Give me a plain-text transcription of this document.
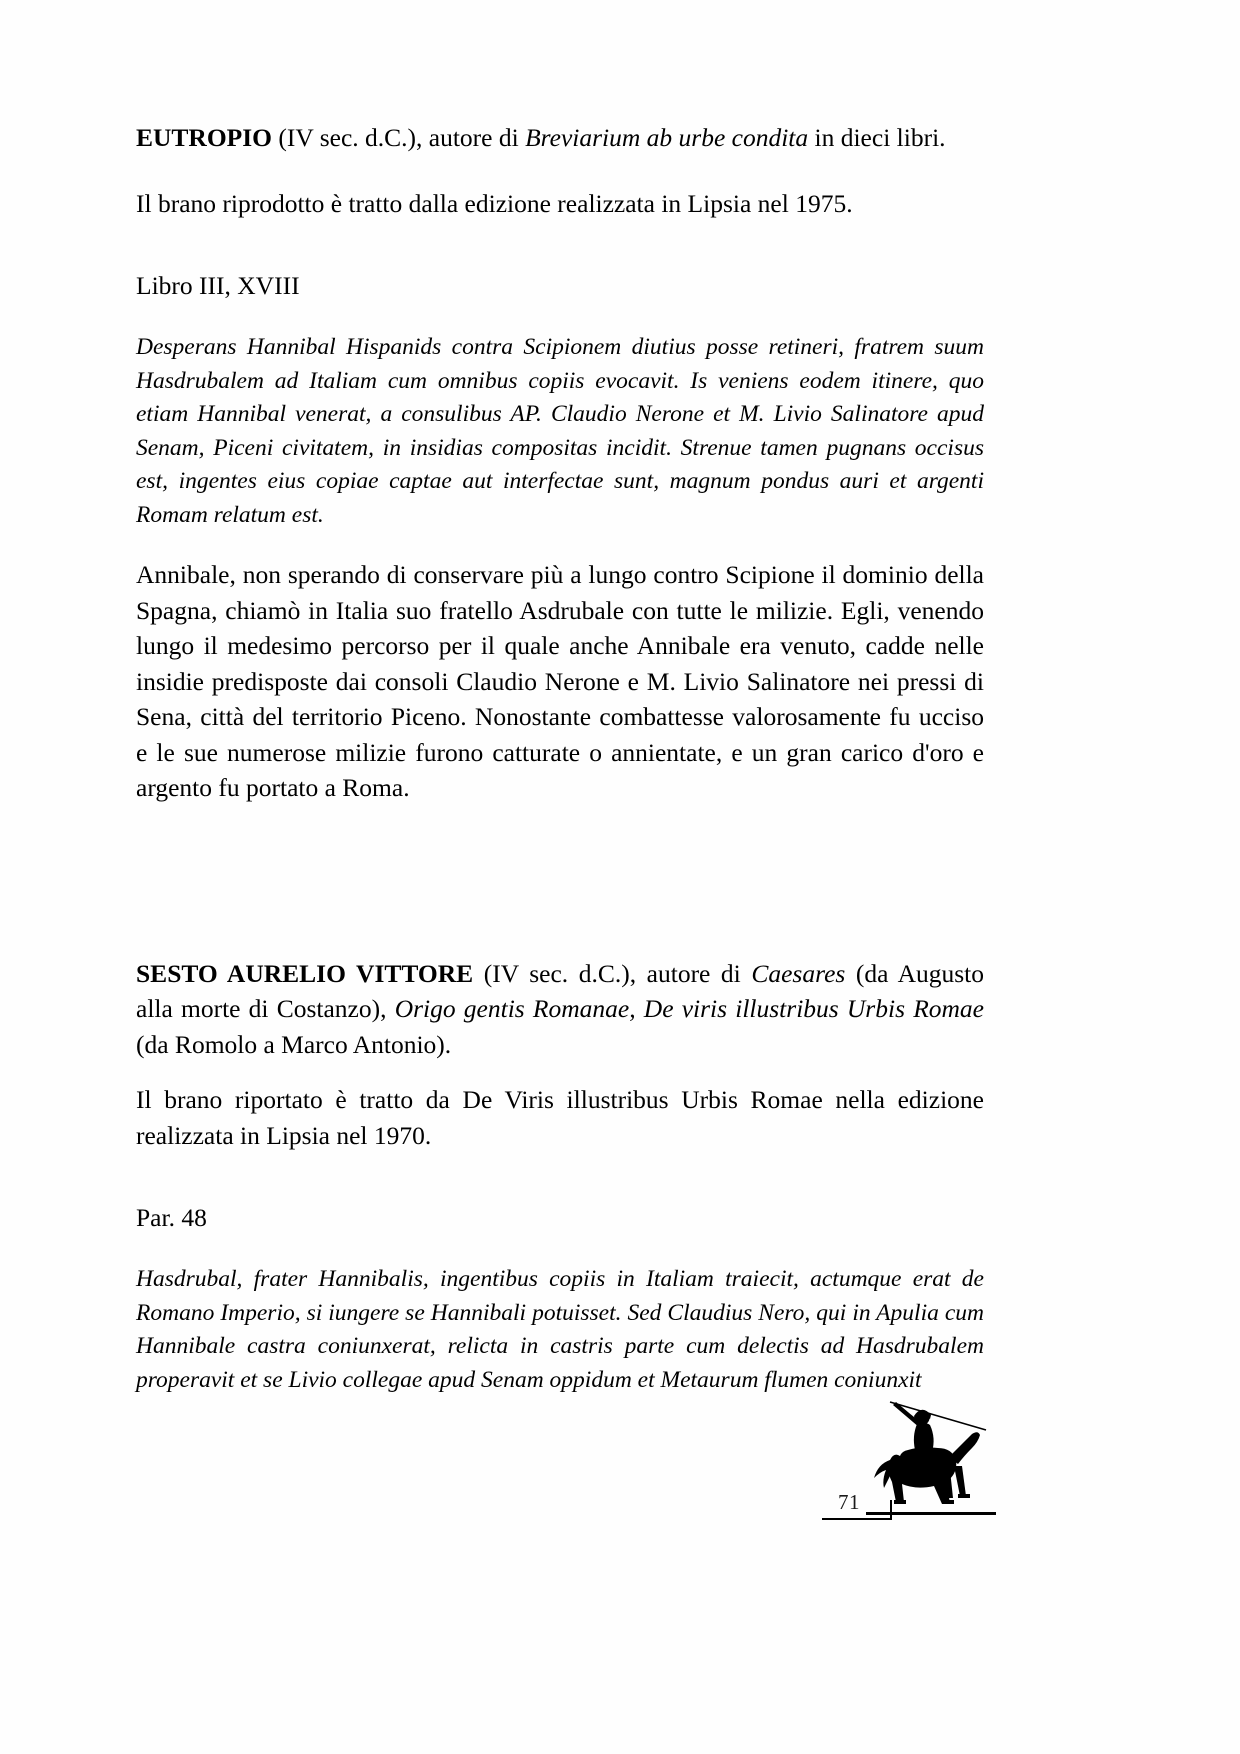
EUTROPIO (IV sec. d.C.), autore di Breviarium ab urbe condita in dieci libri.

Il brano riprodotto è tratto dalla edizione realizzata in Lipsia nel 1975.

Libro III, XVIII

Desperans Hannibal Hispanids contra Scipionem diutius posse retineri, fratrem suum Hasdrubalem ad Italiam cum omnibus copiis evocavit. Is veniens eodem itinere, quo etiam Hannibal venerat, a consulibus AP. Claudio Nerone et M. Livio Salinatore apud Senam, Piceni civitatem, in insidias compositas incidit. Strenue tamen pugnans occisus est, ingentes eius copiae captae aut interfectae sunt, magnum pondus auri et argenti Romam relatum est.

Annibale, non sperando di conservare più a lungo contro Scipione il dominio della Spagna, chiamò in Italia suo fratello Asdrubale con tutte le milizie. Egli, venendo lungo il medesimo percorso per il quale anche Annibale era venuto, cadde nelle insidie predisposte dai consoli Claudio Nerone e M. Livio Salinatore nei pressi di Sena, città del territorio Piceno. Nonostante combattesse valorosamente fu ucciso e le sue numerose milizie furono catturate o annientate, e un gran carico d'oro e argento fu portato a Roma.

SESTO AURELIO VITTORE (IV sec. d.C.), autore di Caesares (da Augusto alla morte di Costanzo), Origo gentis Romanae, De viris illustribus Urbis Romae (da Romolo a Marco Antonio).

Il brano riportato è tratto da De Viris illustribus Urbis Romae nella edizione realizzata in Lipsia nel 1970.

Par. 48

Hasdrubal, frater Hannibalis, ingentibus copiis in Italiam traiecit, actumque erat de Romano Imperio, si iungere se Hannibali potuisset. Sed Claudius Nero, qui in Apulia cum Hannibale castra coniunxerat, relicta in castris parte cum delectis ad Hasdrubalem properavit et se Livio collegae apud Senam oppidum et Metaurum flumen coniunxit

71
